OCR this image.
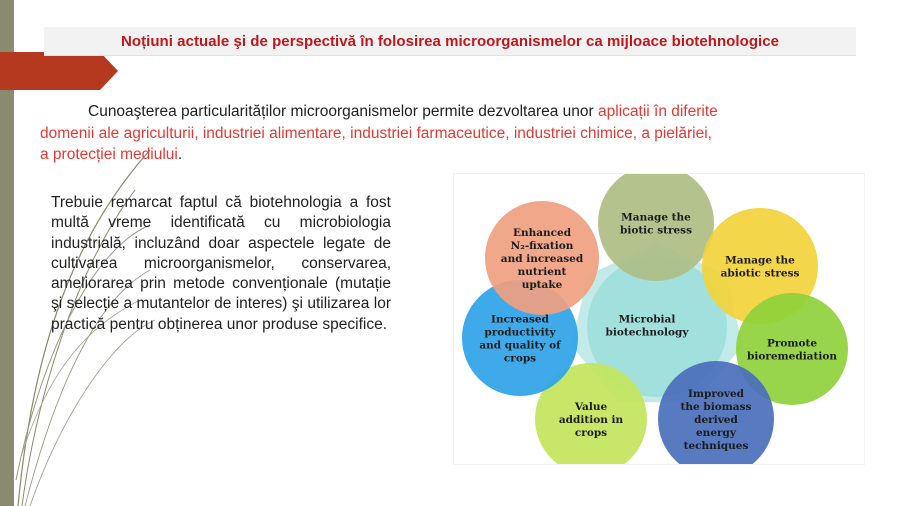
Noțiuni actuale şi de perspectivă în folosirea microorganismelor ca mijloace biotehnologice
Cunoaşterea particularităților microorganismelor permite dezvoltarea unor aplicații în diferite
domenii ale agriculturii, industriei alimentare, industriei farmaceutice, industriei chimice, a pielăriei,
a protecției mediului.
Trebuie remarcat faptul că biotehnologia a fost multă vreme identificată cu microbiologia industrială, incluzând doar aspectele legate de cultivarea microorganismelor, conservarea, ameliorarea prin metode convenționale (mutație şi selecție a mutantelor de interes) şi utilizarea lor practică pentru obținerea unor produse specifice.
Manage the
biotic stress
Manage the
abiotic stress
Promote
bioremediation
Improved
the biomass
derived
energy
techniques
Value
addition in
crops
Increased
productivity
and quality of
crops
Enhanced
N₂-fixation
and increased
nutrient
uptake
Microbial
biotechnology
